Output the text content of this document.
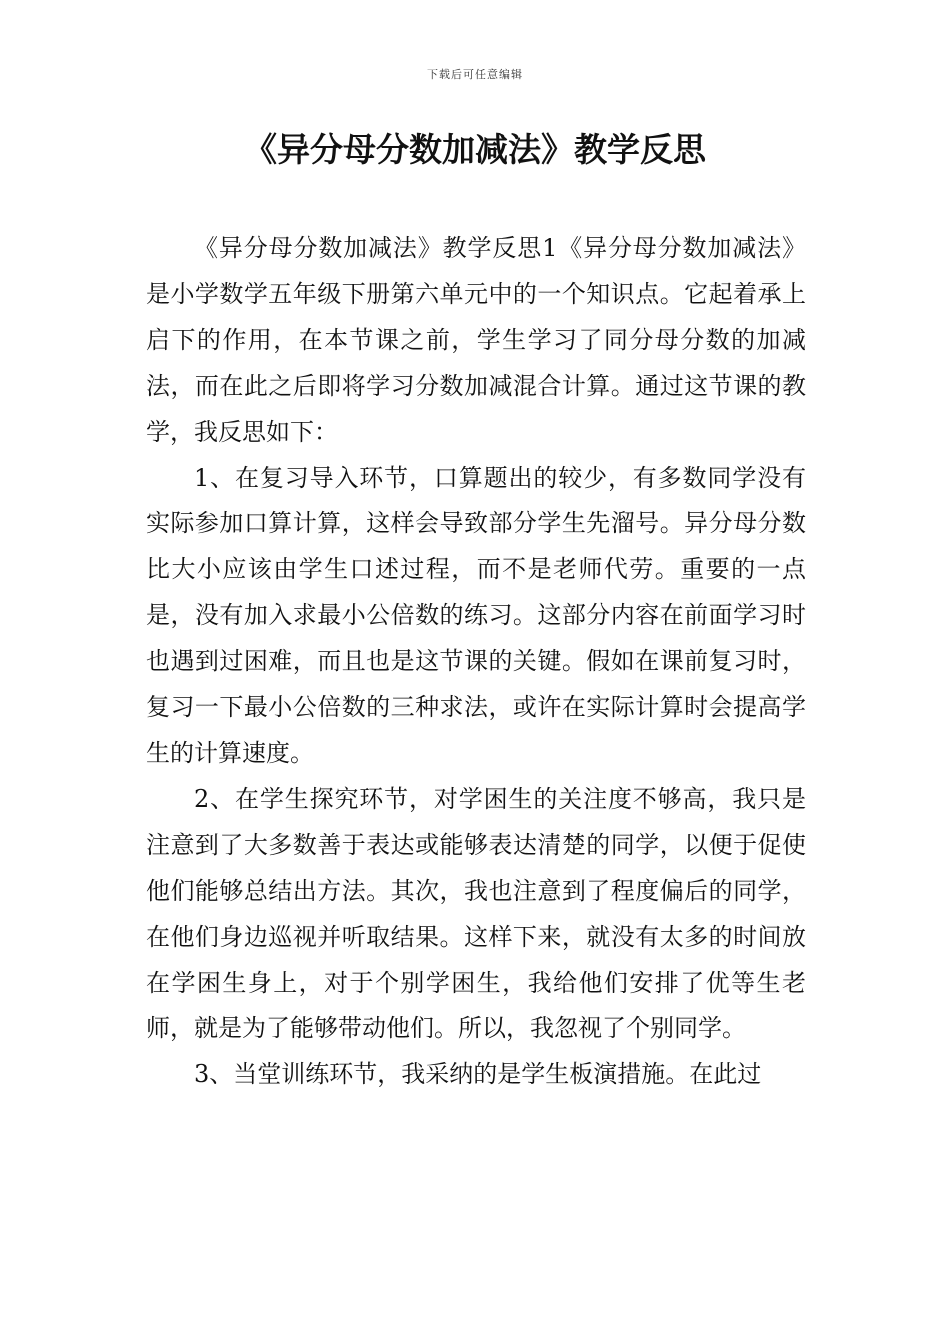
下载后可任意编辑
《异分母分数加减法》教学反思

《异分母分数加减法》教学反思1《异分母分数加减法》是小学数学五年级下册第六单元中的一个知识点。它起着承上启下的作用，在本节课之前，学生学习了同分母分数的加减法，而在此之后即将学习分数加减混合计算。通过这节课的教学，我反思如下：

1、在复习导入环节，口算题出的较少，有多数同学没有实际参加口算计算，这样会导致部分学生先溜号。异分母分数比大小应该由学生口述过程，而不是老师代劳。重要的一点是，没有加入求最小公倍数的练习。这部分内容在前面学习时也遇到过困难，而且也是这节课的关键。假如在课前复习时，复习一下最小公倍数的三种求法，或许在实际计算时会提高学生的计算速度。

2、在学生探究环节，对学困生的关注度不够高，我只是注意到了大多数善于表达或能够表达清楚的同学，以便于促使他们能够总结出方法。其次，我也注意到了程度偏后的同学，在他们身边巡视并听取结果。这样下来，就没有太多的时间放在学困生身上，对于个别学困生，我给他们安排了优等生老师，就是为了能够带动他们。所以，我忽视了个别同学。

3、当堂训练环节，我采纳的是学生板演措施。在此过
